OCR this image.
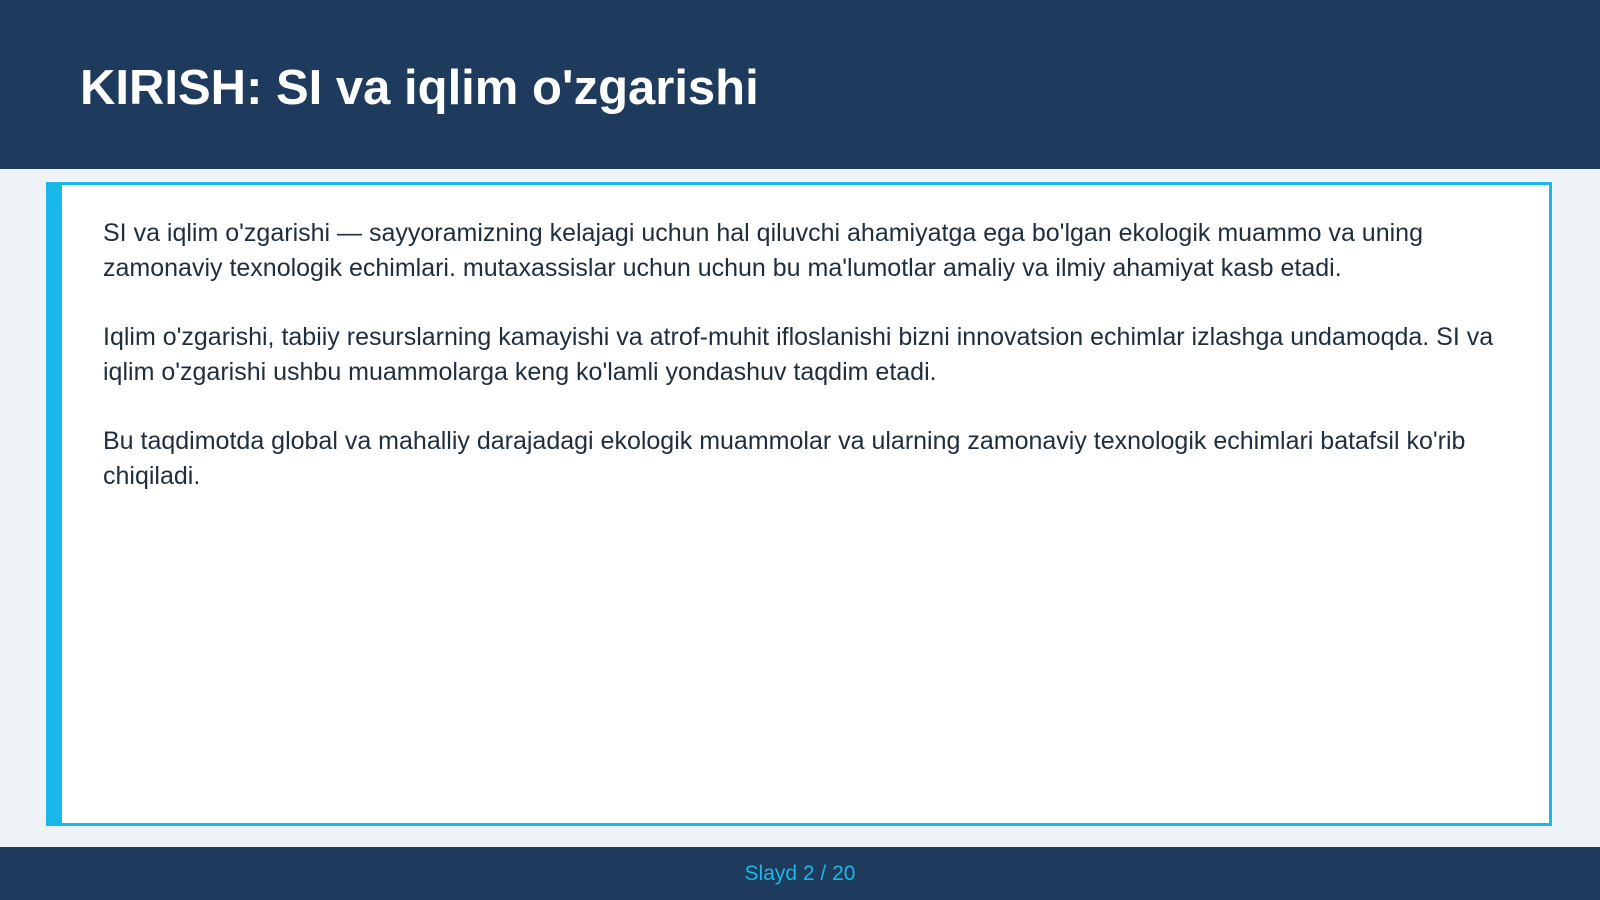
KIRISH: SI va iqlim o'zgarishi

SI va iqlim o'zgarishi — sayyoramizning kelajagi uchun hal qiluvchi ahamiyatga ega bo'lgan ekologik muammo va uning zamonaviy texnologik echimlari. mutaxassislar uchun uchun bu ma'lumotlar amaliy va ilmiy ahamiyat kasb etadi.

Iqlim o'zgarishi, tabiiy resurslarning kamayishi va atrof-muhit ifloslanishi bizni innovatsion echimlar izlashga undamoqda. SI va iqlim o'zgarishi ushbu muammolarga keng ko'lamli yondashuv taqdim etadi.

Bu taqdimotda global va mahalliy darajadagi ekologik muammolar va ularning zamonaviy texnologik echimlari batafsil ko'rib chiqiladi.

Slayd 2 / 20
